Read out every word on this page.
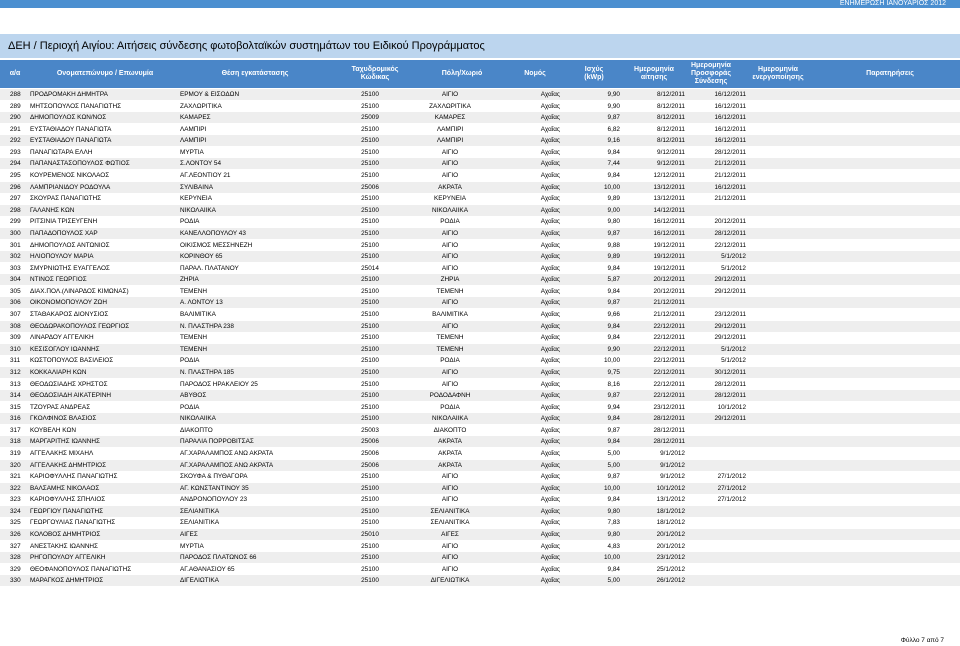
ΕΝΗΜΕΡΩΣΗ ΙΑΝΟΥΑΡΙΟΣ 2012
ΔΕΗ / Περιοχή Αιγίου: Αιτήσεις σύνδεσης φωτοβολταϊκών συστημάτων του Ειδικού Προγράμματος
α/α	Ονοματεπώνυμο / Επωνυμία	Θέση εγκατάστασης
Ταχυδρομικός
Κώδικας
Πόλη/Χωριό	Νομός
Ισχύς
(kWp)
Ημερομηνία
αίτησης
Ημερομηνία
Προσφοράς
Σύνδεσης
Ημερομηνία
ενεργοποίησης
Παρατηρήσεις
288	ΠΡΟΔΡΟΜΑΚΗ ΔΗΜΗΤΡΑ	ΕΡΜΟΥ & ΕΙΣΟΔΩΝ	25100	ΑΙΓΙΟ	Αχαΐας	9,90	8/12/2011	16/12/2011
289	ΜΗΤΣΟΠΟΥΛΟΣ ΠΑΝΑΓΙΩΤΗΣ	ΖΑΧΛΩΡΙΤΙΚΑ	25100	ΖΑΧΛΩΡΙΤΙΚΑ	Αχαΐας	9,90	8/12/2011	16/12/2011
290	ΔΗΜΟΠΟΥΛΟΣ ΚΩΝ/ΝΟΣ	ΚΑΜΑΡΕΣ	25009	ΚΑΜΑΡΕΣ	Αχαΐας	9,87	8/12/2011	16/12/2011
291	ΕΥΣΤΑΘΙΑΔΟΥ ΠΑΝΑΓΙΩΤΑ	ΛΑΜΠΙΡΙ	25100	ΛΑΜΠΙΡΙ	Αχαΐας	6,82	8/12/2011	16/12/2011
292	ΕΥΣΤΑΘΙΑΔΟΥ ΠΑΝΑΓΙΩΤΑ	ΛΑΜΠΙΡΙ	25100	ΛΑΜΠΙΡΙ	Αχαΐας	9,16	8/12/2011	16/12/2011
293	ΠΑΝΑΓΙΩΤΑΡΑ ΕΛΛΗ	ΜΥΡΤΙΑ	25100	ΑΙΓΙΟ	Αχαΐας	9,84	9/12/2011	28/12/2011
294	ΠΑΠΑΝΑΣΤΑΣΟΠΟΥΛΟΣ ΦΩΤΙΟΣ	Σ.ΛΟΝΤΟΥ 54	25100	ΑΙΓΙΟ	Αχαΐας	7,44	9/12/2011	21/12/2011
295	ΚΟΥΡΕΜΕΝΟΣ ΝΙΚΟΛΑΟΣ	ΑΓ.ΛΕΟΝΤΙΟΥ 21	25100	ΑΙΓΙΟ	Αχαΐας	9,84	12/12/2011	21/12/2011
296	ΛΑΜΠΡΙΑΝΙΔΟΥ ΡΟΔΟΥΛΑ	ΣΥΛΙΒΑΙΝΑ	25006	ΑΚΡΑΤΑ	Αχαΐας	10,00	13/12/2011	16/12/2011
297	ΣΚΟΥΡΑΣ ΠΑΝΑΓΙΩΤΗΣ	ΚΕΡΥΝΕΙΑ	25100	ΚΕΡΥΝΕΙΑ	Αχαΐας	9,89	13/12/2011	21/12/2011
298	ΓΑΛΑΝΗΣ ΚΩΝ	ΝΙΚΟΛΑΙΙΚΑ	25100	ΝΙΚΟΛΑΙΙΚΑ	Αχαΐας	9,00	14/12/2011
299	ΡΙΤΣΙΝΙΑ ΤΡΙΣΕΥΓΕΝΗ	ΡΟΔΙΑ	25100	ΡΟΔΙΑ	Αχαΐας	9,80	16/12/2011	20/12/2011
300	ΠΑΠΑΔΟΠΟΥΛΟΣ ΧΑΡ	ΚΑΝΕΛΛΟΠΟΥΛΟΥ 43	25100	ΑΙΓΙΟ	Αχαΐας	9,87	16/12/2011	28/12/2011
301	ΔΗΜΟΠΟΥΛΟΣ ΑΝΤΩΝΙΟΣ	ΟΙΚΙΣΜΟΣ ΜΕΣΣΗΝΕΖΗ	25100	ΑΙΓΙΟ	Αχαΐας	9,88	19/12/2011	22/12/2011
302	ΗΛΙΟΠΟΥΛΟΥ ΜΑΡΙΑ	ΚΟΡΙΝΘΟΥ 65	25100	ΑΙΓΙΟ	Αχαΐας	9,89	19/12/2011	5/1/2012
303	ΣΜΥΡΝΙΩΤΗΣ ΕΥΑΓΓΕΛΟΣ	ΠΑΡΑΛ. ΠΛΑΤΑΝΟΥ	25014	ΑΙΓΙΟ	Αχαΐας	9,84	19/12/2011	5/1/2012
304	ΝΤΙΝΟΣ ΓΕΩΡΓΙΟΣ	ΖΗΡΙΑ	25100	ΖΗΡΙΑ	Αχαΐας	5,87	20/12/2011	29/12/2011
305	ΔΙΑΧ.ΠΟΛ.(ΛΙΝΑΡΔΟΣ ΚΙΜΩΝΑΣ)	ΤΕΜΕΝΗ	25100	ΤΕΜΕΝΗ	Αχαΐας	9,84	20/12/2011	29/12/2011
306	ΟΙΚΟΝΟΜΟΠΟΥΛΟΥ ΖΩΗ	Α. ΛΟΝΤΟΥ 13	25100	ΑΙΓΙΟ	Αχαΐας	9,87	21/12/2011
307	ΣΤΑΘΑΚΑΡΟΣ ΔΙΟΝΥΣΙΟΣ	ΒΑΛΙΜΙΤΙΚΑ	25100	ΒΑΛΙΜΙΤΙΚΑ	Αχαΐας	9,66	21/12/2011	23/12/2011
308	ΘΕΟΔΩΡΑΚΟΠΟΥΛΟΣ ΓΕΩΡΓΙΟΣ	Ν. ΠΛΑΣΤΗΡΑ 238	25100	ΑΙΓΙΟ	Αχαΐας	9,84	22/12/2011	29/12/2011
309	ΛΙΝΑΡΔΟΥ ΑΓΓΕΛΙΚΗ	ΤΕΜΕΝΗ	25100	ΤΕΜΕΝΗ	Αχαΐας	9,84	22/12/2011	29/12/2011
310	ΚΕΣΙΣΟΓΛΟΥ ΙΩΑΝΝΗΣ	ΤΕΜΕΝΗ	25100	ΤΕΜΕΝΗ	Αχαΐας	9,90	22/12/2011	5/1/2012
311	ΚΩΣΤΟΠΟΥΛΟΣ ΒΑΣΙΛΕΙΟΣ	ΡΟΔΙΑ	25100	ΡΟΔΙΑ	Αχαΐας	10,00	22/12/2011	5/1/2012
312	ΚΟΚΚΑΛΙΑΡΗ ΚΩΝ	Ν. ΠΛΑΣΤΗΡΑ 185	25100	ΑΙΓΙΟ	Αχαΐας	9,75	22/12/2011	30/12/2011
313	ΘΕΟΔΩΣΙΑΔΗΣ ΧΡΗΣΤΟΣ	ΠΑΡΟΔΟΣ ΗΡΑΚΛΕΙΟΥ 25	25100	ΑΙΓΙΟ	Αχαΐας	8,16	22/12/2011	28/12/2011
314	ΘΕΟΔΟΣΙΑΔΗ ΑΙΚΑΤΕΡΙΝΗ	ΑΒΥΘΟΣ	25100	ΡΟΔΟΔΑΦΝΗ	Αχαΐας	9,87	22/12/2011	28/12/2011
315	ΤΖΟΥΡΑΣ ΑΝΔΡΕΑΣ	ΡΟΔΙΑ	25100	ΡΟΔΙΑ	Αχαΐας	9,94	23/12/2011	10/1/2012
316	ΓΚΟΛΦΙΝΟΣ ΒΛΑΣΙΟΣ	ΝΙΚΟΛΑΙΙΚΑ	25100	ΝΙΚΟΛΑΙΙΚΑ	Αχαΐας	9,84	28/12/2011	29/12/2011
317	ΚΟΥΒΕΛΗ ΚΩΝ	ΔΙΑΚΟΠΤΟ	25003	ΔΙΑΚΟΠΤΟ	Αχαΐας	9,87	28/12/2011
318	ΜΑΡΓΑΡΙΤΗΣ ΙΩΑΝΝΗΣ	ΠΑΡΑΛΙΑ ΠΟΡΡΟΒΙΤΣΑΣ	25006	ΑΚΡΑΤΑ	Αχαΐας	9,84	28/12/2011
319	ΑΓΓΕΛΑΚΗΣ ΜΙΧΑΗΛ	ΑΓ.ΧΑΡΑΛΑΜΠΟΣ ΑΝΩ ΑΚΡΑΤΑ	25006	ΑΚΡΑΤΑ	Αχαΐας	5,00	9/1/2012
320	ΑΓΓΕΛΑΚΗΣ ΔΗΜΗΤΡΙΟΣ	ΑΓ.ΧΑΡΑΛΑΜΠΟΣ ΑΝΩ ΑΚΡΑΤΑ	25006	ΑΚΡΑΤΑ	Αχαΐας	5,00	9/1/2012
321	ΚΑΡΙΟΦΥΛΛΗΣ ΠΑΝΑΓΙΩΤΗΣ	ΣΚΟΥΦΑ & ΠΥΘΑΓΟΡΑ	25100	ΑΙΓΙΟ	Αχαΐας	9,87	9/1/2012	27/1/2012
322	ΒΑΛΣΑΜΗΣ ΝΙΚΟΛΑΟΣ	ΑΓ. ΚΩΝΣΤΑΝΤΙΝΟΥ 35	25100	ΑΙΓΙΟ	Αχαΐας	10,00	10/1/2012	27/1/2012
323	ΚΑΡΙΟΦΥΛΛΗΣ ΣΠΗΛΙΟΣ	ΑΝΔΡΟΝΟΠΟΥΛΟΥ 23	25100	ΑΙΓΙΟ	Αχαΐας	9,84	13/1/2012	27/1/2012
324	ΓΕΩΡΓΙΟΥ ΠΑΝΑΓΙΩΤΗΣ	ΣΕΛΙΑΝΙΤΙΚΑ	25100	ΣΕΛΙΑΝΙΤΙΚΑ	Αχαΐας	9,80	18/1/2012
325	ΓΕΩΡΓΟΥΛΙΑΣ ΠΑΝΑΓΙΩΤΗΣ	ΣΕΛΙΑΝΙΤΙΚΑ	25100	ΣΕΛΙΑΝΙΤΙΚΑ	Αχαΐας	7,83	18/1/2012
326	ΚΟΛΟΒΟΣ ΔΗΜΗΤΡΙΟΣ	ΑΙΓΕΣ	25010	ΑΙΓΕΣ	Αχαΐας	9,80	20/1/2012
327	ΑΝΕΣΤΑΚΗΣ ΙΩΑΝΝΗΣ	ΜΥΡΤΙΑ	25100	ΑΙΓΙΟ	Αχαΐας	4,83	20/1/2012
328	ΡΗΓΟΠΟΥΛΟΥ ΑΓΓΕΛΙΚΗ	ΠΑΡΟΔΟΣ ΠΛΑΤΩΝΟΣ 66	25100	ΑΙΓΙΟ	Αχαΐας	10,00	23/1/2012
329	ΘΕΟΦΑΝΟΠΟΥΛΟΣ ΠΑΝΑΓΙΩΤΗΣ	ΑΓ.ΑΘΑΝΑΣΙΟΥ 65	25100	ΑΙΓΙΟ	Αχαΐας	9,84	25/1/2012
330	ΜΑΡΑΓΚΟΣ ΔΗΜΗΤΡΙΟΣ	ΔΙΓΕΛΙΩΤΙΚΑ	25100	ΔΙΓΕΛΙΩΤΙΚΑ	Αχαΐας	5,00	26/1/2012
Φύλλο 7 από 7
